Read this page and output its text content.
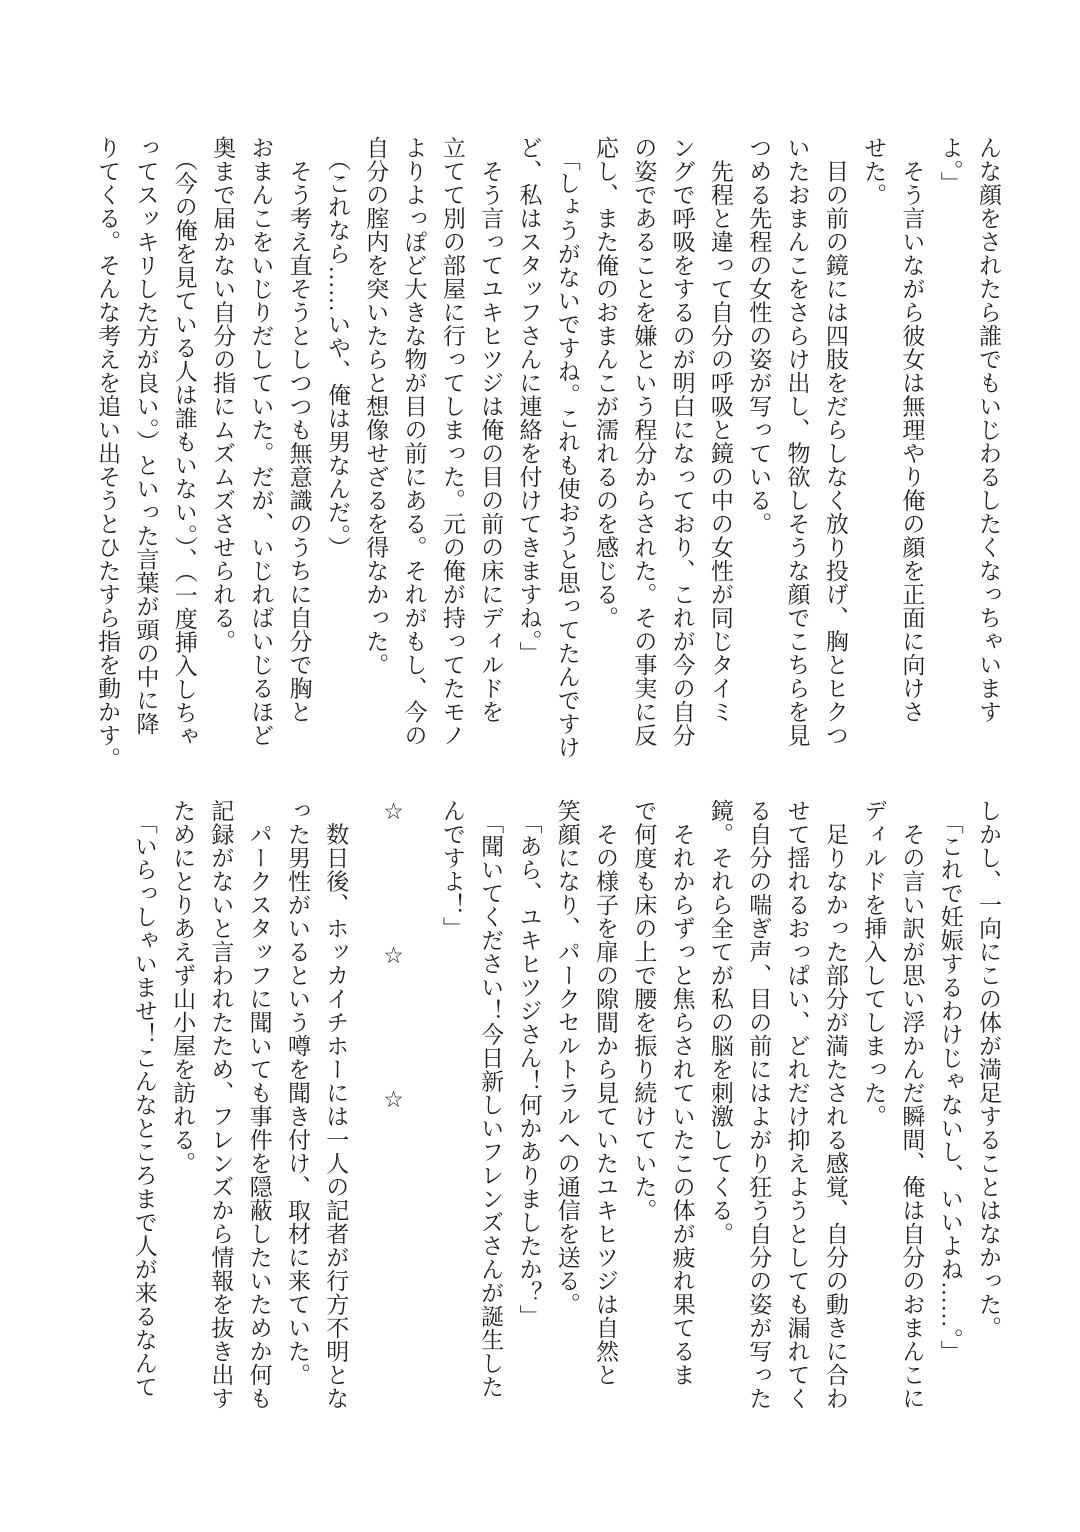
んな顔をされたら誰でもいじわるしたくなっちゃいます
よ。」
　そう言いながら彼女は無理やり俺の顔を正面に向けさ
せた。
　目の前の鏡には四肢をだらしなく放り投げ、胸とヒクつ
いたおまんこをさらけ出し、物欲しそうな顔でこちらを見
つめる先程の女性の姿が写っている。
　先程と違って自分の呼吸と鏡の中の女性が同じタイミ
ングで呼吸をするのが明白になっており、これが今の自分
の姿であることを嫌という程分からされた。その事実に反
応し、また俺のおまんこが濡れるのを感じる。
　「しょうがないですね。これも使おうと思ってたんですけ
ど、私はスタッフさんに連絡を付けてきますね。」
　そう言ってユキヒツジは俺の目の前の床にディルドを
立てて別の部屋に行ってしまった。元の俺が持ってたモノ
よりよっぽど大きな物が目の前にある。それがもし、今の
自分の腟内を突いたらと想像せざるを得なかった。
　（これなら……いや、俺は男なんだ。）
　そう考え直そうとしつつも無意識のうちに自分で胸と
おまんこをいじりだしていた。だが、いじればいじるほど
奥まで届かない自分の指にムズムズさせられる。
　（今の俺を見ている人は誰もいない。）、（一度挿入しちゃ
ってスッキリした方が良い。）といった言葉が頭の中に降
りてくる。そんな考えを追い出そうとひたすら指を動かす。
しかし、一向にこの体が満足することはなかった。
　「これで妊娠するわけじゃないし、いいよね……。」
　その言い訳が思い浮かんだ瞬間、俺は自分のおまんこに
ディルドを挿入してしまった。
　足りなかった部分が満たされる感覚、自分の動きに合わ
せて揺れるおっぱい、どれだけ抑えようとしても漏れてく
る自分の喘ぎ声、目の前にはよがり狂う自分の姿が写った
鏡。それら全てが私の脳を刺激してくる。
　それからずっと焦らされていたこの体が疲れ果てるま
で何度も床の上で腰を振り続けていた。
　その様子を扉の隙間から見ていたユキヒツジは自然と
笑顔になり、パークセルトラルへの通信を送る。
　「あら、ユキヒツジさん！何かありましたか？」
　「聞いてください！今日新しいフレンズさんが誕生した
んですよ！」
☆　　　　　☆　　　　　☆
　数日後、ホッカイチホーには一人の記者が行方不明とな
った男性がいるという噂を聞き付け、取材に来ていた。
　パークスタッフに聞いても事件を隠蔽したいためか何も
記録がないと言われたため、フレンズから情報を抜き出す
ためにとりあえず山小屋を訪れる。
　「いらっしゃいませ！こんなところまで人が来るなんて
